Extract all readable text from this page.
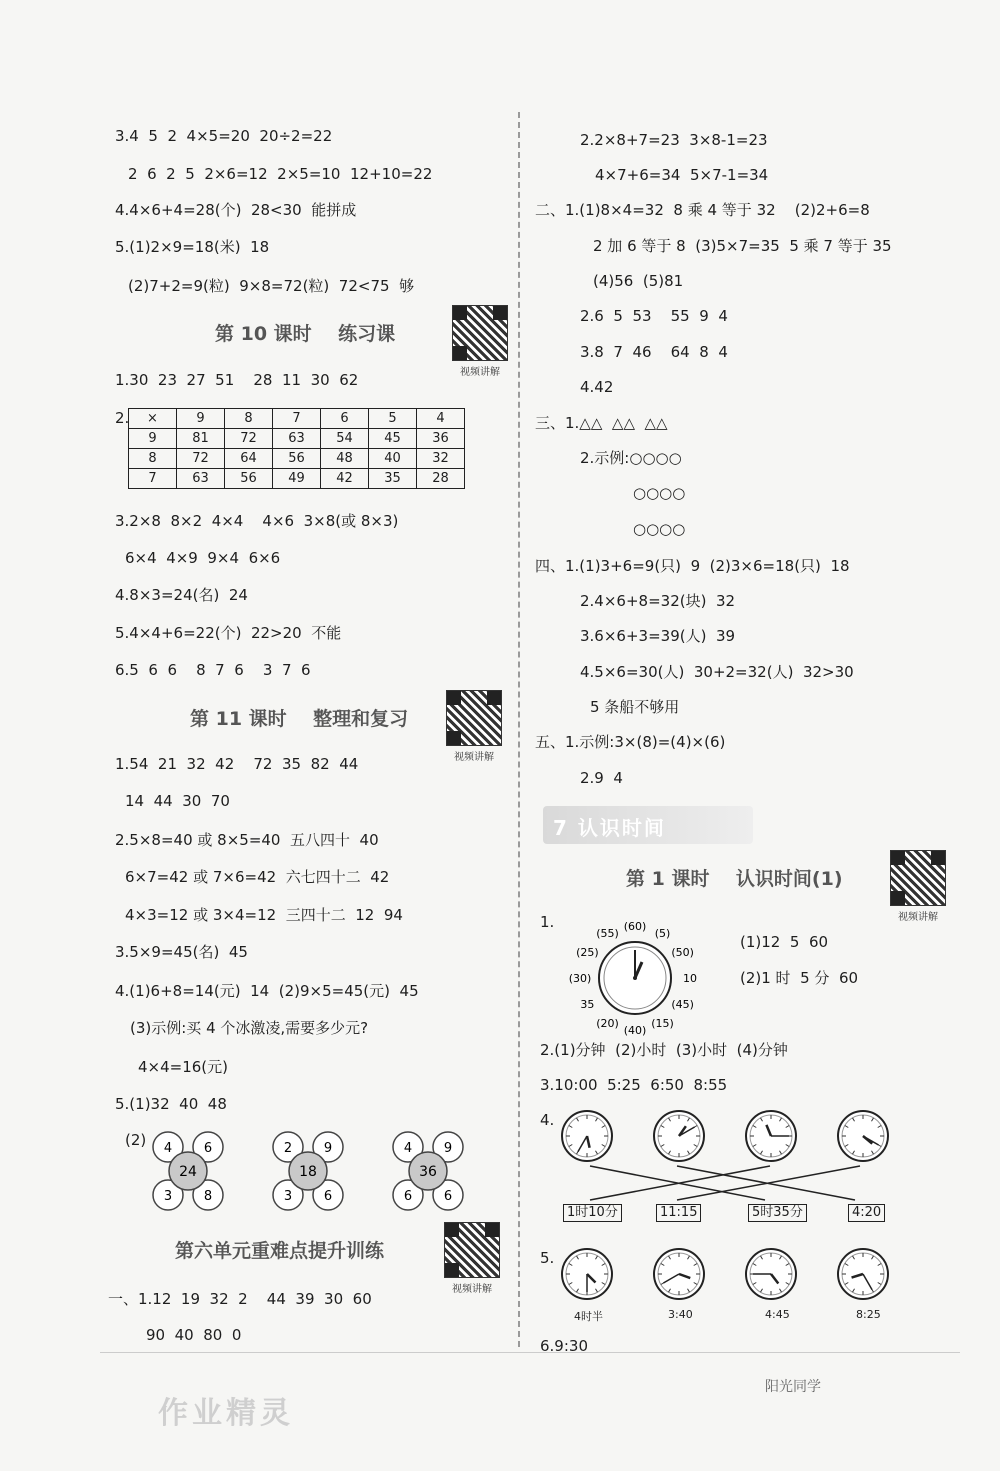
3.4  5  2  4×5=20  20÷2=22
2  6  2  5  2×6=12  2×5=10  12+10=22
4.4×6+4=28(个)  28<30  能拼成
5.(1)2×9=18(米)  18
(2)7+2=9(粒)  9×8=72(粒)  72<75  够
第 10 课时    练习课
视频讲解
1.30  23  27  51    28  11  30  62
2. ×	9	8	7	6	5	4
9	81	72	63	54	45	36
8	72	64	56	48	40	32
7	63	56	49	42	35	28
3.2×8  8×2  4×4    4×6  3×8(或 8×3)
6×4  4×9  9×4  6×6
4.8×3=24(名)  24
5.4×4+6=22(个)  22>20  不能
6.5  6  6    8  7  6    3  7  6
第 11 课时    整理和复习
视频讲解
1.54  21  32  42    72  35  82  44
14  44  30  70
2.5×8=40 或 8×5=40  五八四十  40
6×7=42 或 7×6=42  六七四十二  42
4×3=12 或 3×4=12  三四十二  12  94
3.5×9=45(名)  45
4.(1)6+8=14(元)  14  (2)9×5=45(元)  45
(3)示例:买 4 个冰激凌,需要多少元?
4×4=16(元)
5.(1)32  40  48
(2) 4 6
3 8
24
2 9
3 6
18
4 9
6 6
36
第六单元重难点提升训练
视频讲解
一、1.12  19  32  2    44  39  30  60
90  40  80  0
2.2×8+7=23  3×8-1=23
4×7+6=34  5×7-1=34
二、1.(1)8×4=32  8 乘 4 等于 32    (2)2+6=8
2 加 6 等于 8  (3)5×7=35  5 乘 7 等于 35
(4)56  (5)81
2.6  5  53    55  9  4
3.8  7  46    64  8  4
4.42
三、1.△△  △△  △△
2.示例:○○○○
○○○○
○○○○
四、1.(1)3+6=9(只)  9  (2)3×6=18(只)  18
2.4×6+8=32(块)  32
3.6×6+3=39(人)  39
4.5×6=30(人)  30+2=32(人)  32>30
5 条船不够用
五、1.示例:3×(8)=(4)×(6)
2.9  4
7 认识时间
第 1 课时    认识时间(1)
视频讲解
1.
(55)
(60)
(5)
(50)
10
(45)
(15)
(40)
(20)
35
(30)
(25)
(1)12  5  60
(2)1 时  5 分  60
2.(1)分钟  (2)小时  (3)小时  (4)分钟
3.10:00  5:25  6:50  8:55
4.
1时10分	11:15	5时35分	4:20
5.
4时半	3:40	4:45	8:25
6.9:30
作业精灵
阳光同学
